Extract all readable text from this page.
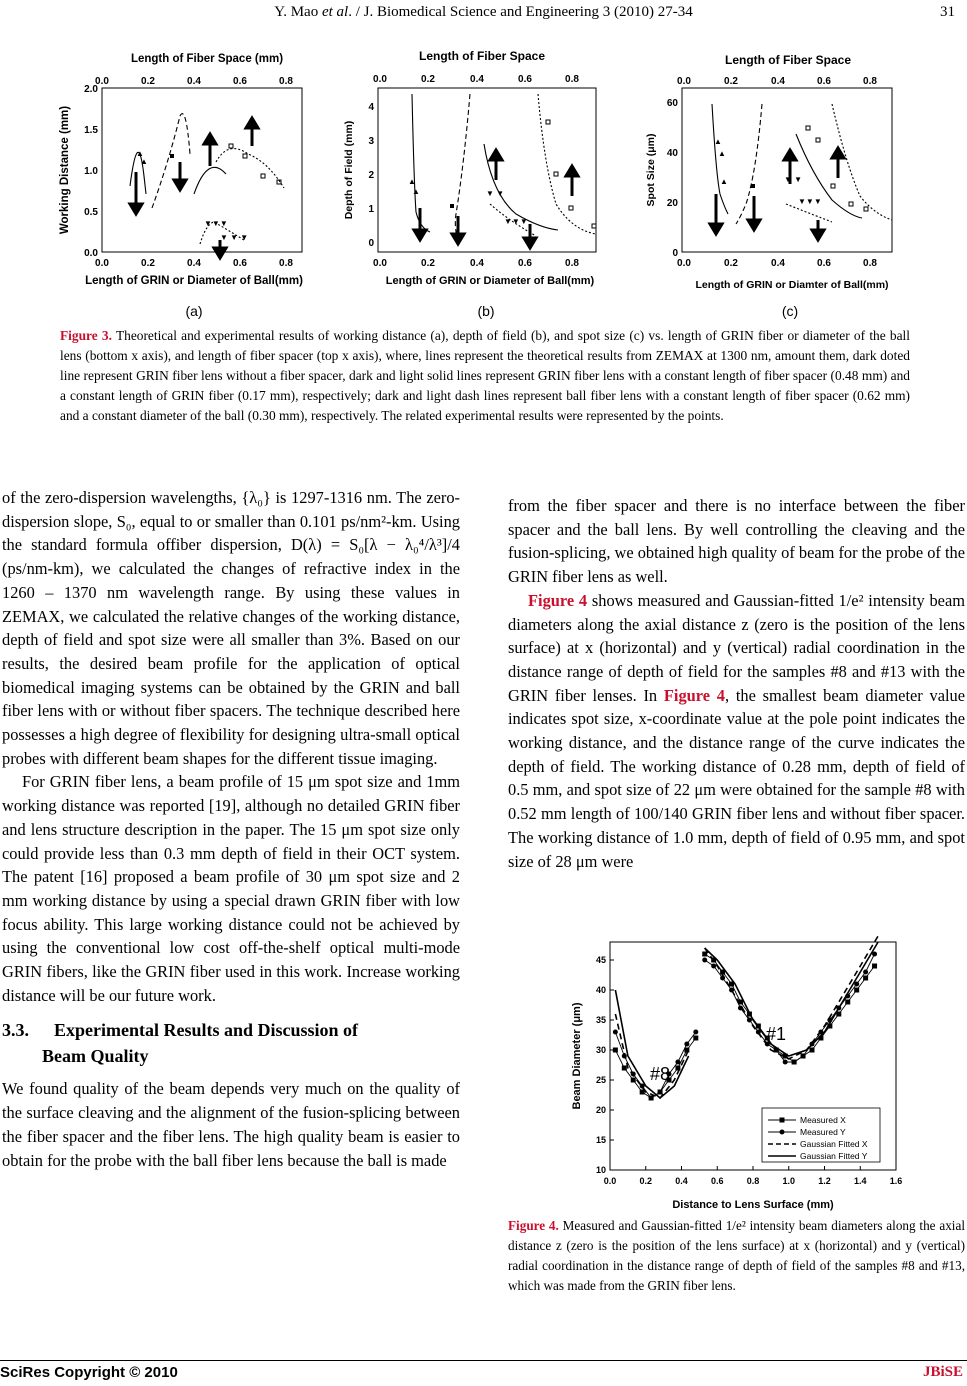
Y. Mao et al. / J. Biomedical Science and Engineering 3 (2010) 27-34	31
Length of Fiber Space (mm)
0.0	0.2	0.4	0.6	0.8
0.0	0.2	0.4	0.6	0.8
0.0
0.5
1.0
1.5
2.0
Working Distance (mm)
Length of GRIN or Diameter of Ball(mm)
▲
▲
▼▼▼
▼ ▼ ▼
(a)
Length of Fiber Space
0.0	0.2	0.4	0.6	0.8
0.0	0.2	0.4	0.6	0.8
0
1
2
3
4
Depth of Field (mm)
Length of GRIN or Diameter of Ball(mm)
▲
▲	▼ ▼
▼▼▼
(b)
Length of Fiber Space
0.0	0.2	0.4	0.6	0.8
0.0	0.2	0.4	0.6	0.8
0
20
40
60
Spot Size (μm)
Length of GRIN or Diamter of Ball(mm)
▲
▲
▲	▼ ▼
▼▼▼
(c)
Figure 3. Theoretical and experimental results of working distance (a), depth of field (b), and spot size (c) vs. length of GRIN fiber or diameter of the ball lens (bottom x axis), and length of fiber spacer (top x axis), where, lines represent the theoretical results from ZEMAX at 1300 nm, amount them, dark doted line represent GRIN fiber lens without a fiber spacer, dark and light solid lines represent GRIN fiber lens with a constant length of fiber spacer (0.48 mm) and a constant length of GRIN fiber (0.17 mm), respectively; dark and light dash lines represent ball fiber lens with a constant length of fiber spacer (0.62 mm) and a constant diameter of the ball (0.30 mm), respectively. The related experimental results were represented by the points.

of the zero-dispersion wavelengths, {λ₀} is 1297-1316 nm. The zero-dispersion slope, S₀, equal to or smaller than 0.101 ps/nm²-km. Using the standard formula offiber dispersion, D(λ) = S₀[λ − λ₀⁴/λ³]/4 (ps/nm-km), we calculated the changes of refractive index in the 1260 – 1370 nm wavelength range. By using these values in ZEMAX, we calculated the relative changes of the working distance, depth of field and spot size were all smaller than 3%. Based on our results, the desired beam profile for the application of optical biomedical imaging systems can be obtained by the GRIN and ball fiber lens with or without fiber spacers. The technique described here possesses a high degree of flexibility for designing ultra-small optical probes with different beam shapes for the different tissue imaging.

For GRIN fiber lens, a beam profile of 15 μm spot size and 1mm working distance was reported [19], although no detailed GRIN fiber and lens structure description in the paper. The 15 μm spot size only could provide less than 0.3 mm depth of field in their OCT system. The patent [16] proposed a beam profile of 30 μm spot size and 2 mm working distance by using a special drawn GRIN fiber with low focus ability. This large working distance could not be achieved by using the conventional low cost off-the-shelf optical multi-mode GRIN fibers, like the GRIN fiber used in this work. Increase working distance will be our future work.

3.3. Experimental Results and Discussion of
Beam Quality

We found quality of the beam depends very much on the quality of the surface cleaving and the alignment of the fusion-splicing between the fiber spacer and the fiber lens. The high quality beam is easier to obtain for the probe with the ball fiber lens because the ball is made

from the fiber spacer and there is no interface between the fiber spacer and the ball lens. By well controlling the cleaving and the fusion-splicing, we obtained high quality of beam for the probe of the GRIN fiber lens as well.

Figure 4 shows measured and Gaussian-fitted 1/e² intensity beam diameters along the axial distance z (zero is the position of the lens surface) at x (horizontal) and y (vertical) radial coordination in the distance range of depth of field for the samples #8 and #13 with the GRIN fiber lenses. In Figure 4, the smallest beam diameter value indicates spot size, x-coordinate value at the pole point indicates the working distance, and the distance range of the curve indicates the depth of field. The working distance of 0.28 mm, depth of field of 0.5 mm, and spot size of 22 μm were obtained for the sample #8 with 0.52 mm length of 100/140 GRIN fiber lens and without fiber spacer. The working distance of 1.0 mm, depth of field of 0.95 mm, and spot size of 28 μm were

10
15
20
25
30
35
40
45
0.0	0.2	0.4	0.6	0.8	1.0	1.2	1.4	1.6
Beam Diameter (μm)
Distance to Lens Surface (mm)
#8
#1
Measured X
Measured Y
Gaussian Fitted X
Gaussian Fitted Y
Figure 4. Measured and Gaussian-fitted 1/e² intensity beam diameters along the axial distance z (zero is the position of the lens surface) at x (horizontal) and y (vertical) radial coordination in the distance range of depth of field of the samples #8 and #13, which was made from the GRIN fiber lens.
SciRes Copyright © 2010	JBiSE
